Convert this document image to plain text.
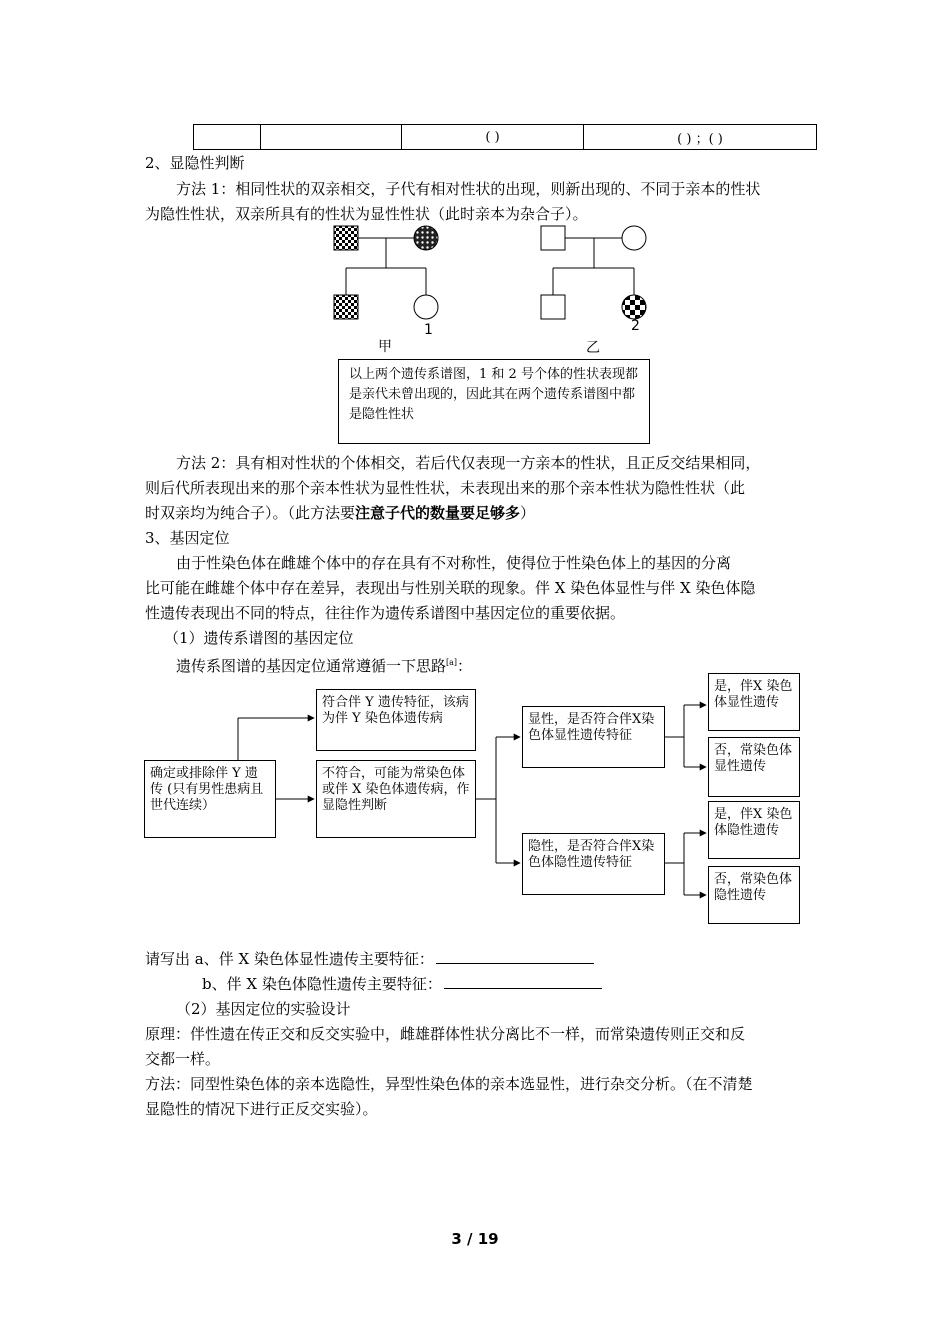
		( )	( ) ；( )
2、显隐性判断
方法 1：相同性状的双亲相交，子代有相对性状的出现，则新出现的、不同于亲本的性状
为隐性性状，双亲所具有的性状为显性性状（此时亲本为杂合子）。
1	2
甲	乙
以上两个遗传系谱图，1 和 2 号个体的性状表现都是亲代未曾出现的，因此其在两个遗传系谱图中都是隐性性状
方法 2：具有相对性状的个体相交，若后代仅表现一方亲本的性状，且正反交结果相同，
则后代所表现出来的那个亲本性状为显性性状，未表现出来的那个亲本性状为隐性性状（此
时双亲均为纯合子）。（此方法要注意子代的数量要足够多）
3、基因定位
由于性染色体在雌雄个体中的存在具有不对称性，使得位于性染色体上的基因的分离
比可能在雌雄个体中存在差异，表现出与性别关联的现象。伴 X 染色体显性与伴 X 染色体隐
性遗传表现出不同的特点，往往作为遗传系谱图中基因定位的重要依据。
（1）遗传系谱图的基因定位
遗传系图谱的基因定位通常遵循一下思路[a]：
确定或排除伴 Y 遗传 (只有男性患病且世代连续）
符合伴 Y 遗传特征，该病为伴 Y 染色体遗传病
不符合，可能为常染色体或伴 X 染色体遗传病，作显隐性判断
显性，是否符合伴X染色体显性遗传特征
隐性，是否符合伴X染色体隐性遗传特征
是，伴X 染色体显性遗传
否，常染色体显性遗传
是，伴X 染色体隐性遗传
否，常染色体隐性遗传
请写出 a、伴 X 染色体显性遗传主要特征：
b、伴 X 染色体隐性遗传主要特征：
（2）基因定位的实验设计
原理：伴性遗在传正交和反交实验中，雌雄群体性状分离比不一样，而常染遗传则正交和反
交都一样。
方法：同型性染色体的亲本选隐性，异型性染色体的亲本选显性，进行杂交分析。（在不清楚
显隐性的情况下进行正反交实验）。
3 / 19
